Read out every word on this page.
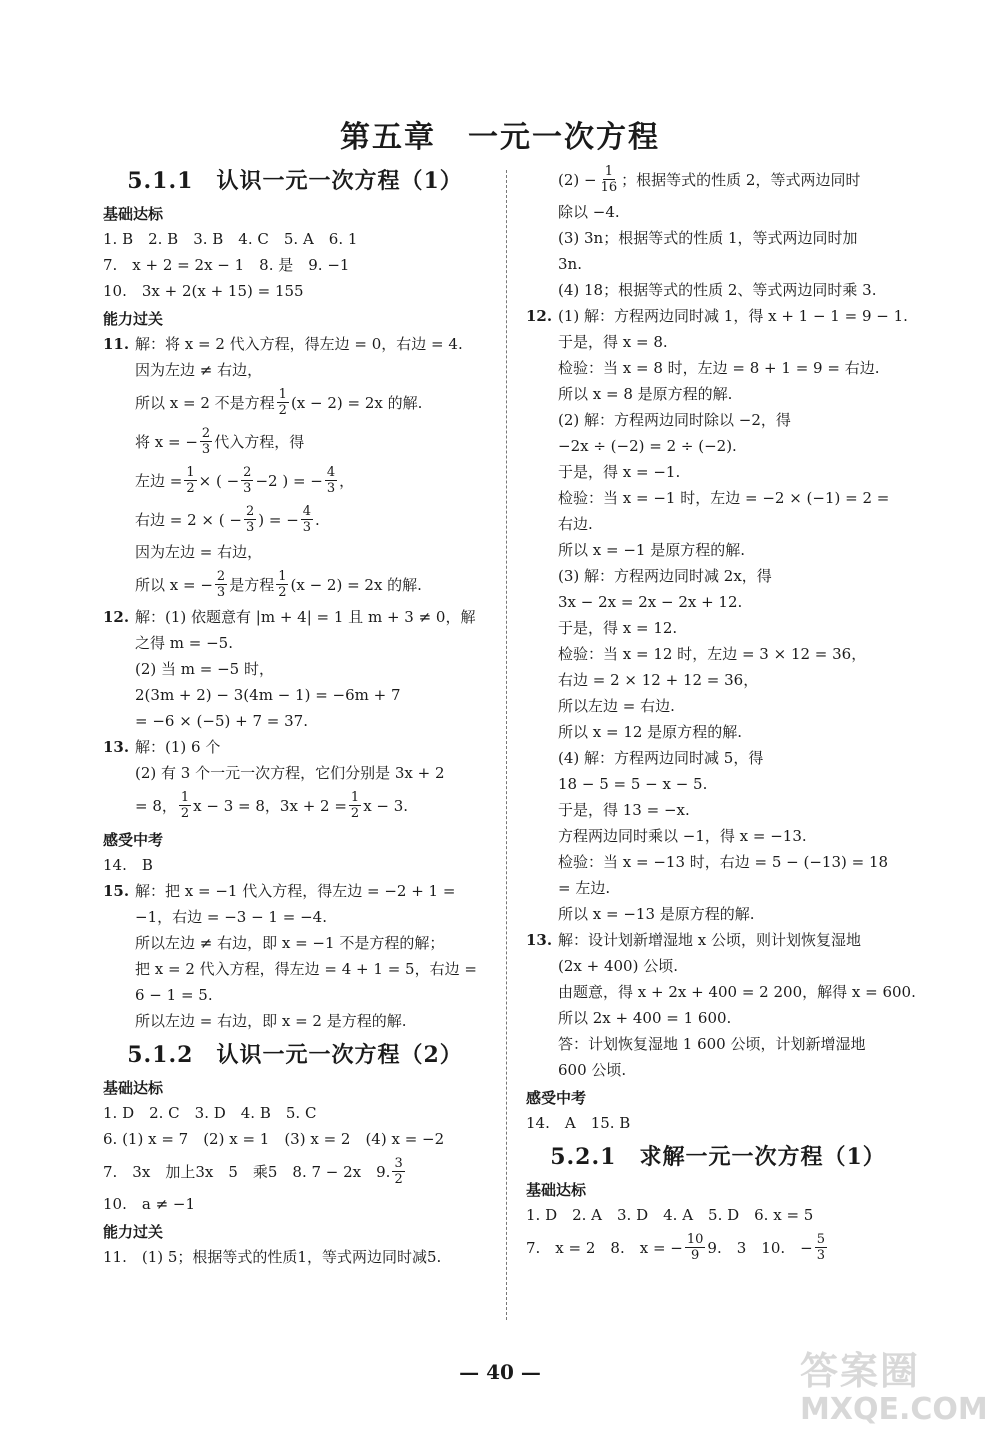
第五章　一元一次方程
5.1.1　认识一元一次方程（1）
基础达标
1. B　2. B　3. B　4. C　5. A　6. 1
7.　x + 2 = 2x − 1　8. 是　9. −1
10.　3x + 2(x + 15) = 155
能力过关
11. 解：将 x = 2 代入方程，得左边 = 0，右边 = 4.
因为左边 ≠ 右边，
所以 x = 2 不是方程 $\frac{1}{2} (x - 2) = 2x$ 的解.
将 x = − $\frac{2}{3}$ 代入方程，得
左边 = $\frac{1}{2}$ × ( − $\frac{2}{3} -2$ ) = − $\frac{4}{3}$ ，
右边 = 2 × ( − $\frac{2}{3}$ ) = − $\frac{4}{3}$ .
因为左边 = 右边，
所以 x = − $\frac{2}{3}$ 是方程 $\frac{1}{2} (x - 2) = 2x$ 的解.
12. 解：(1) 依题意有 |m + 4| = 1 且 m + 3 ≠ 0，解
之得 m = −5.
(2) 当 m = −5 时，
2(3m + 2) − 3(4m − 1) = −6m + 7
= −6 × (−5) + 7 = 37.
13. 解：(1) 6 个
(2) 有 3 个一元一次方程，它们分别是 3x + 2
= 8， $\frac{1}{2}$ x − 3 = 8，$3x + 2 = \frac{1}{2}$ x − 3.
感受中考
14.　B
15. 解：把 x = −1 代入方程，得左边 = −2 + 1 =
−1，右边 = −3 − 1 = −4.
所以左边 ≠ 右边，即 x = −1 不是方程的解；
把 x = 2 代入方程，得左边 = 4 + 1 = 5，右边 =
6 − 1 = 5.
所以左边 = 右边，即 x = 2 是方程的解.
5.1.2　认识一元一次方程（2）
基础达标
1. D　2. C　3. D　4. B　5. C
6. (1) x = 7　(2) x = 1　(3) x = 2　(4) x = −2
7.　3x　加上3x　5　乘5　8. 7 − 2x　9. $\frac{3}{2}$
10.　a ≠ −1
能力过关
11.　(1) 5；根据等式的性质1，等式两边同时减5.
$(2) - \frac{1}{16}$ ；根据等式的性质 2，等式两边同时
除以 −4.
(3) 3n；根据等式的性质 1，等式两边同时加
3n.
(4) 18；根据等式的性质 2、等式两边同时乘 3.
12. (1) 解：方程两边同时减 1，得 x + 1 − 1 = 9 − 1.
于是，得 x = 8.
检验：当 x = 8 时，左边 = 8 + 1 = 9 = 右边.
所以 x = 8 是原方程的解.
(2) 解：方程两边同时除以 −2，得
−2x ÷ (−2) = 2 ÷ (−2).
于是，得 x = −1.
检验：当 x = −1 时，左边 = −2 × (−1) = 2 =
右边.
所以 x = −1 是原方程的解.
(3) 解：方程两边同时减 2x，得
3x − 2x = 2x − 2x + 12.
于是，得 x = 12.
检验：当 x = 12 时，左边 = 3 × 12 = 36，
右边 = 2 × 12 + 12 = 36，
所以左边 = 右边.
所以 x = 12 是原方程的解.
(4) 解：方程两边同时减 5，得
18 − 5 = 5 − x − 5.
于是，得 13 = −x.
方程两边同时乘以 −1，得 x = −13.
检验：当 x = −13 时，右边 = 5 − (−13) = 18
= 左边.
所以 x = −13 是原方程的解.
13. 解：设计划新增湿地 x 公顷，则计划恢复湿地
(2x + 400) 公顷.
由题意，得 x + 2x + 400 = 2 200，解得 x = 600.
所以 2x + 400 = 1 600.
答：计划恢复湿地 1 600 公顷，计划新增湿地
600 公顷.
感受中考
14.　A　15. B
5.2.1　求解一元一次方程（1）
基础达标
1. D　2. A　3. D　4. A　5. D　6. x = 5
7.　x = 2　8.　x = − $\frac{10}{9} 9$.　3　10.　− $\frac{5}{3}$
— 40 —	答案圈
MXQE.COM
